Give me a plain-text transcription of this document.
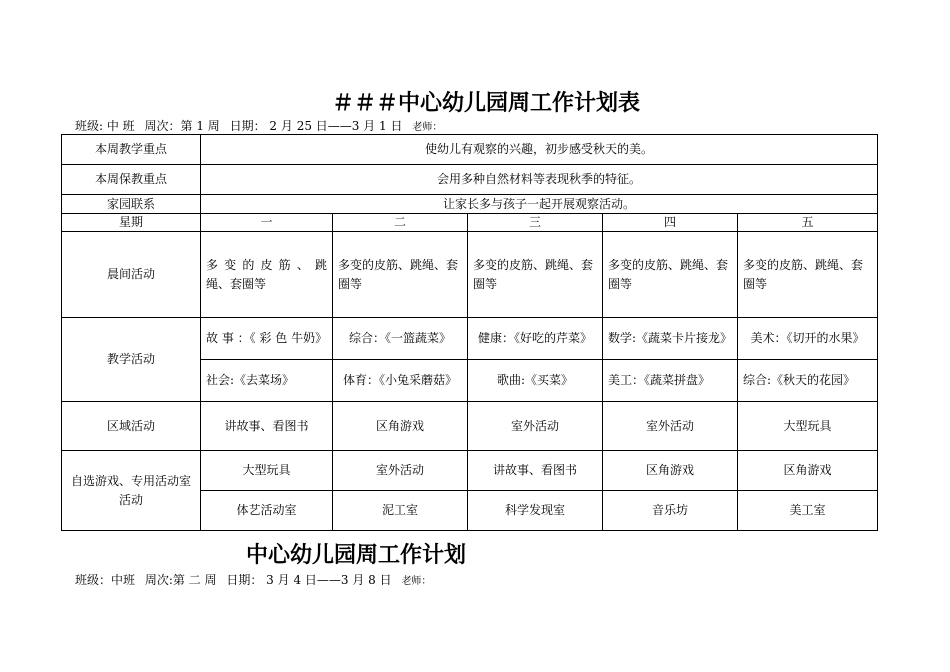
＃＃＃中心幼儿园周工作计划表
班级: 中 班 周次：第 1 周 日期： 2 月 25 日——3 月 1 日 老师：
本周教学重点	使幼儿有观察的兴趣，初步感受秋天的美。				
本周保教重点	会用多种自然材料等表现秋季的特征。				
家园联系	让家长多与孩子一起开展观察活动。				
星期	一	二	三	四	五
晨间活动	多 变 的 皮 筋 、 跳绳、套圈等	多变的皮筋、跳绳、套圈等	多变的皮筋、跳绳、套圈等	多变的皮筋、跳绳、套圈等	多变的皮筋、跳绳、套圈等
教学活动	故 事 ：《 彩 色 牛奶》	综合：《一篮蔬菜》	健康：《好吃的芹菜》	数学:《蔬菜卡片接龙》	美术：《切开的水果》
	社会:《去菜场》	体育：《小兔采蘑菇》	歌曲:《买菜》	美工：《蔬菜拼盘》	综合:《秋天的花园》
区域活动	讲故事、看图书	区角游戏	室外活动	室外活动	大型玩具
自选游戏、专用活动室活动	大型玩具	室外活动	讲故事、看图书	区角游戏	区角游戏
	体艺活动室	泥工室	科学发现室	音乐坊	美工室
中心幼儿园周工作计划
班级：中班 周次:第 二 周 日期： 3 月 4 日——3 月 8 日 老师：
